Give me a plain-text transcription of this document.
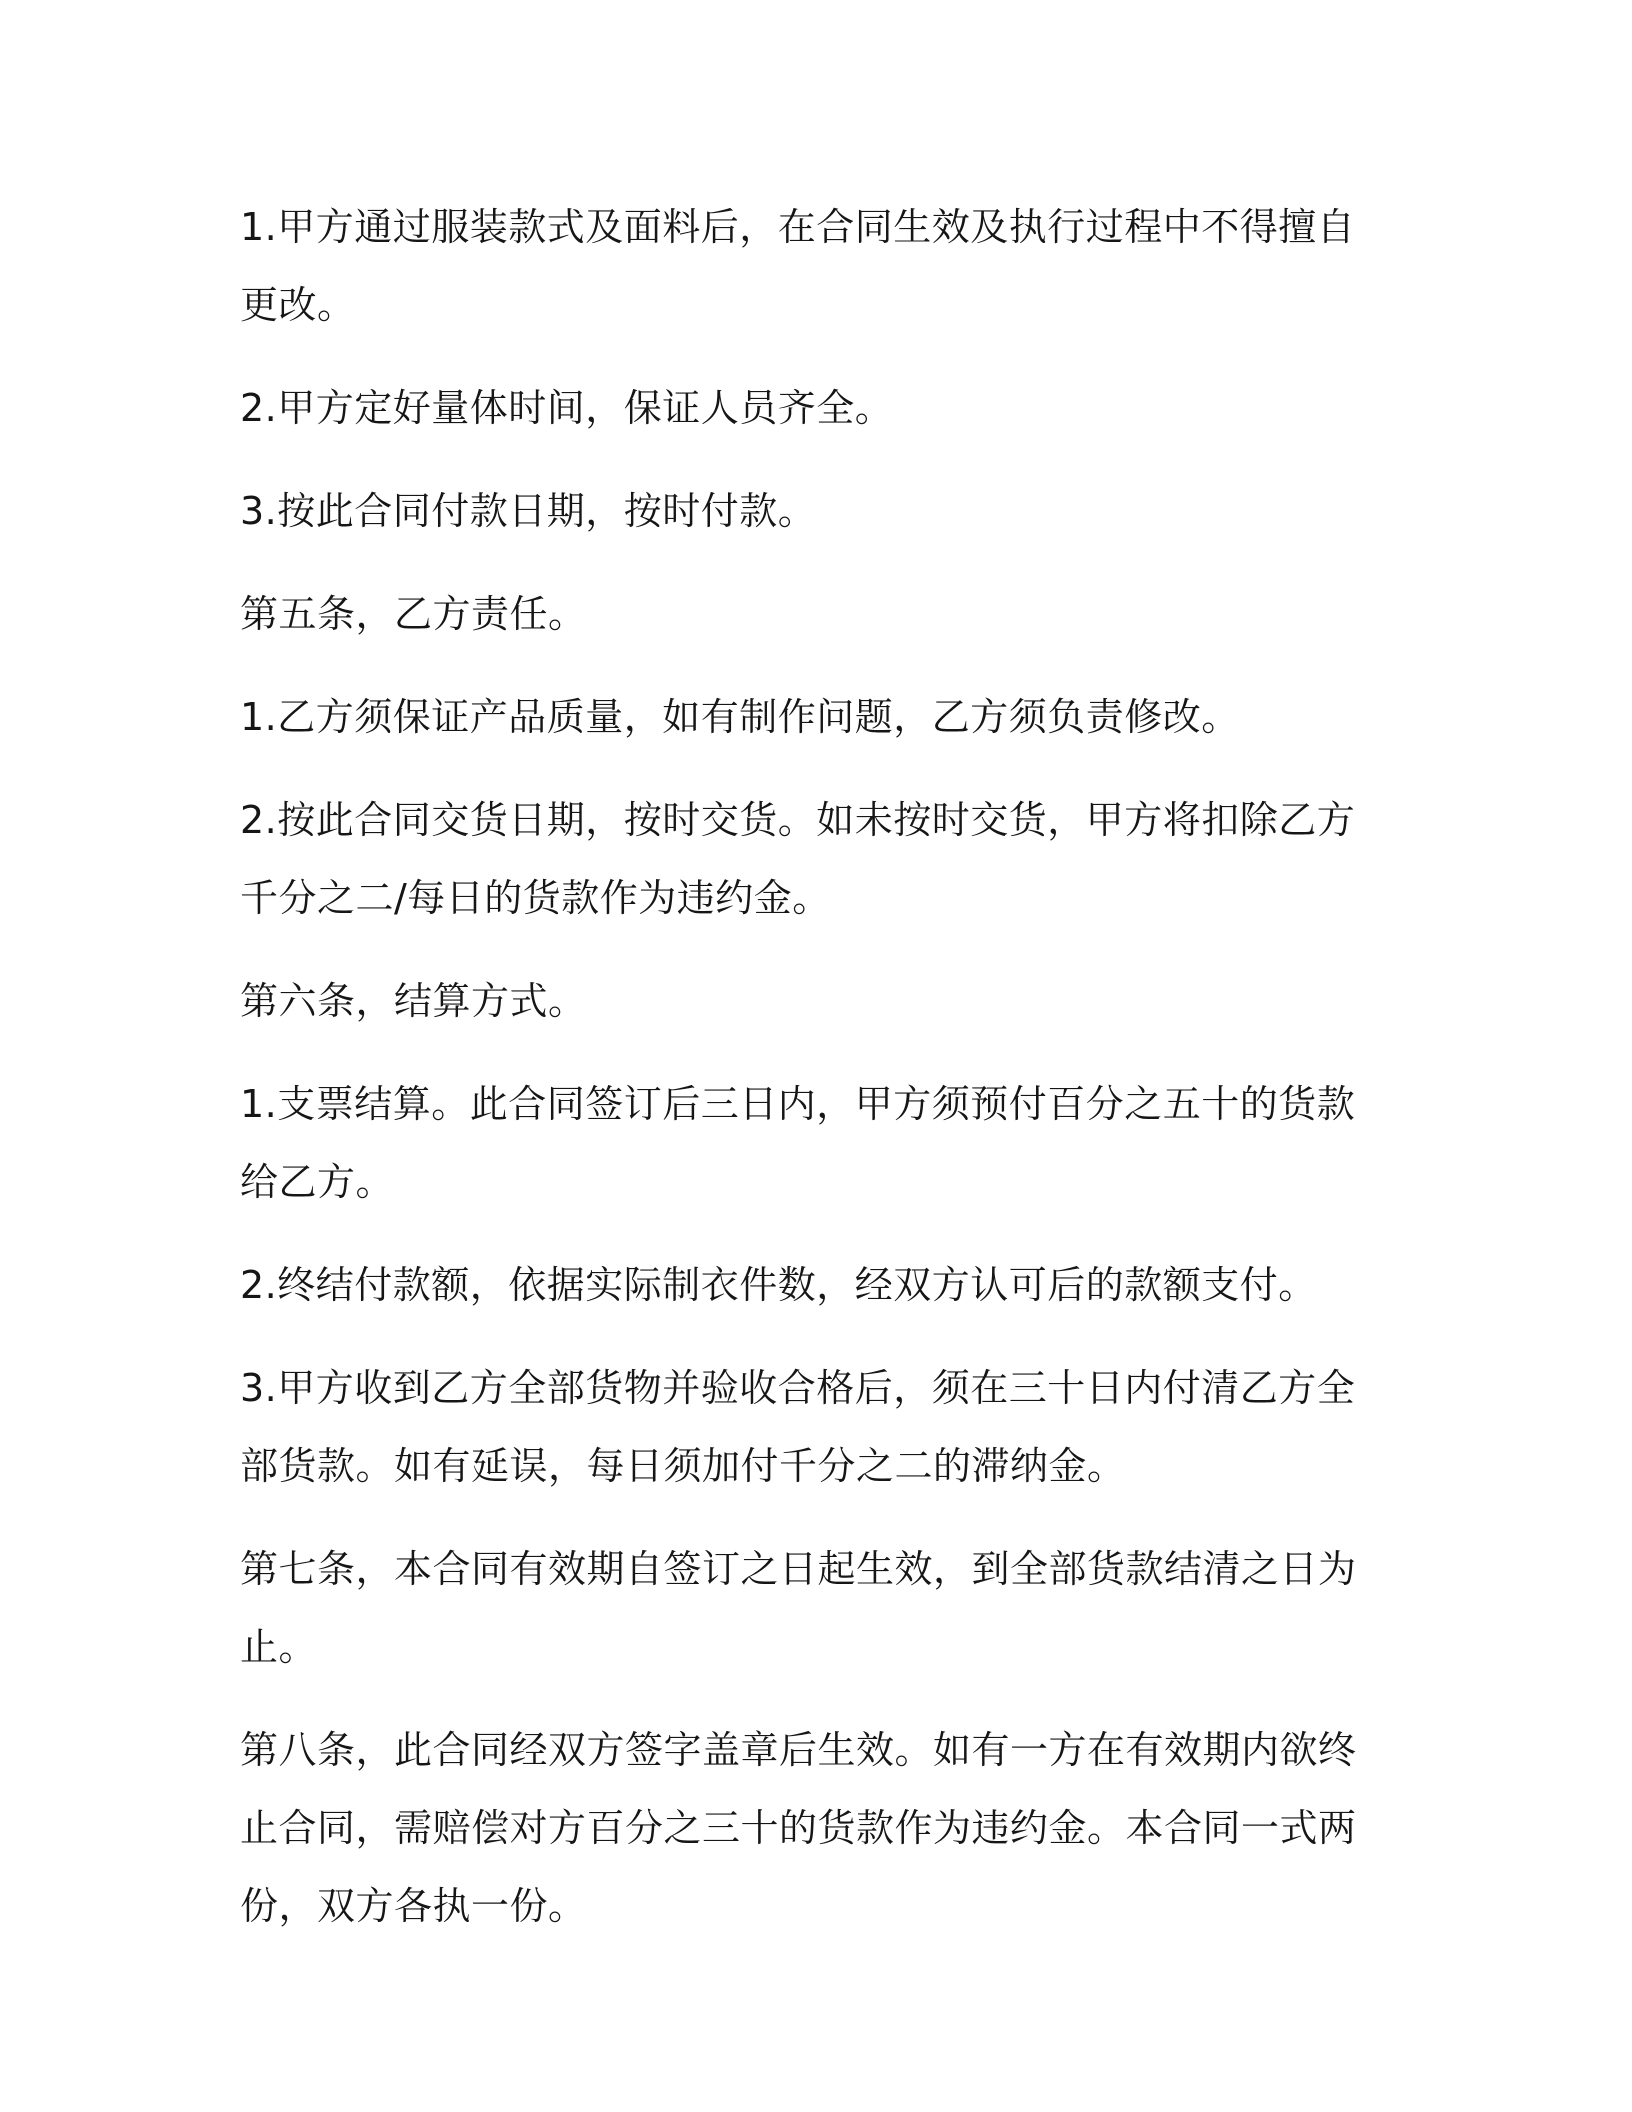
1.甲方通过服装款式及面料后，在合同生效及执行过程中不得擅自更改。

2.甲方定好量体时间，保证人员齐全。

3.按此合同付款日期，按时付款。

第五条，乙方责任。

1.乙方须保证产品质量，如有制作问题，乙方须负责修改。

2.按此合同交货日期，按时交货。如未按时交货，甲方将扣除乙方千分之二/每日的货款作为违约金。

第六条，结算方式。

1.支票结算。此合同签订后三日内，甲方须预付百分之五十的货款给乙方。

2.终结付款额，依据实际制衣件数，经双方认可后的款额支付。

3.甲方收到乙方全部货物并验收合格后，须在三十日内付清乙方全部货款。如有延误，每日须加付千分之二的滞纳金。

第七条，本合同有效期自签订之日起生效，到全部货款结清之日为止。

第八条，此合同经双方签字盖章后生效。如有一方在有效期内欲终止合同，需赔偿对方百分之三十的货款作为违约金。本合同一式两份，双方各执一份。
